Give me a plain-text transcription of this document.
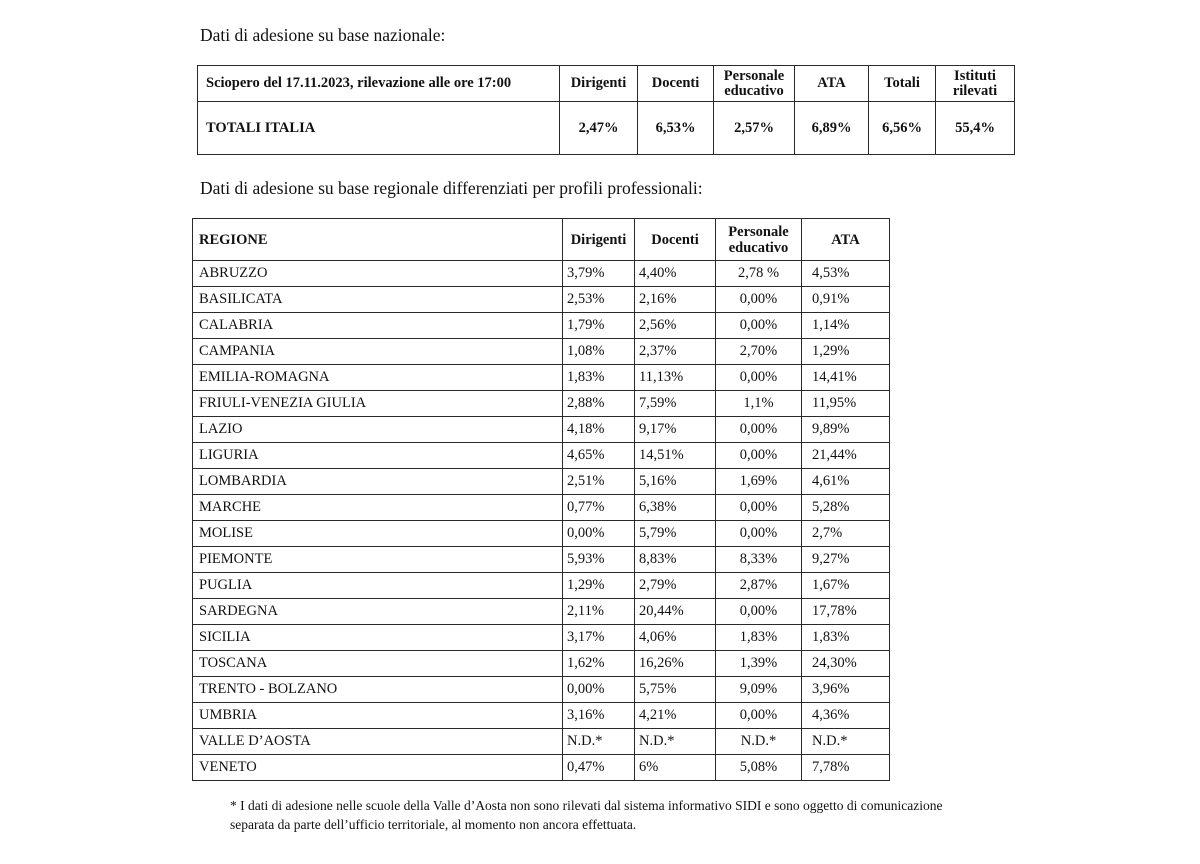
Dati di adesione su base nazionale:
Sciopero del 17.11.2023, rilevazione alle ore 17:00	Dirigenti	Docenti	Personale educativo	ATA	Totali	Istituti rilevati
TOTALI ITALIA	2,47%	6,53%	2,57%	6,89%	6,56%	55,4%
Dati di adesione su base regionale differenziati per profili professionali:
REGIONE	Dirigenti	Docenti	Personale educativo	ATA
ABRUZZO	3,79%	4,40%	2,78 %	4,53%
BASILICATA	2,53%	2,16%	0,00%	0,91%
CALABRIA	1,79%	2,56%	0,00%	1,14%
CAMPANIA	1,08%	2,37%	2,70%	1,29%
EMILIA-ROMAGNA	1,83%	11,13%	0,00%	14,41%
FRIULI-VENEZIA GIULIA	2,88%	7,59%	1,1%	11,95%
LAZIO	4,18%	9,17%	0,00%	9,89%
LIGURIA	4,65%	14,51%	0,00%	21,44%
LOMBARDIA	2,51%	5,16%	1,69%	4,61%
MARCHE	0,77%	6,38%	0,00%	5,28%
MOLISE	0,00%	5,79%	0,00%	2,7%
PIEMONTE	5,93%	8,83%	8,33%	9,27%
PUGLIA	1,29%	2,79%	2,87%	1,67%
SARDEGNA	2,11%	20,44%	0,00%	17,78%
SICILIA	3,17%	4,06%	1,83%	1,83%
TOSCANA	1,62%	16,26%	1,39%	24,30%
TRENTO - BOLZANO	0,00%	5,75%	9,09%	3,96%
UMBRIA	3,16%	4,21%	0,00%	4,36%
VALLE D’AOSTA	N.D.*	N.D.*	N.D.*	N.D.*
VENETO	0,47%	6%	5,08%	7,78%
* I dati di adesione nelle scuole della Valle d’Aosta non sono rilevati dal sistema informativo SIDI e sono oggetto di comunicazione separata da parte dell’ufficio territoriale, al momento non ancora effettuata.
